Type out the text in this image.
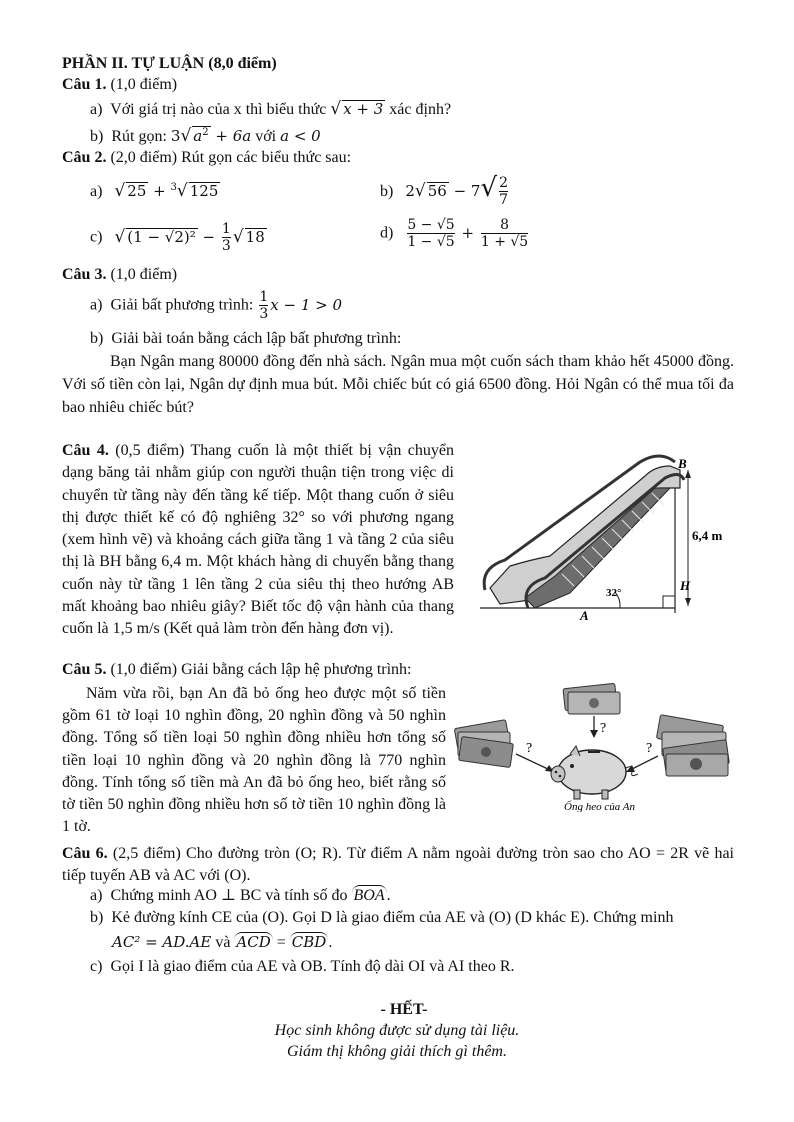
PHẦN II. TỰ LUẬN (8,0 điểm)
Câu 1. (1,0 điểm)
a) Với giá trị nào của x thì biểu thức √ x + 3 xác định?
b) Rút gọn: 3√ $a^2 + 6a$ với a < 0
Câu 2. (2,0 điểm) Rút gọn các biểu thức sau:
a) √ 25 + $^3$√ 125	b) 2√ $56 - 7√ \frac{2}{7}$
c) √ $(1 - √2)^2 - \frac{1}{3}$ √ 18	$d) \frac{5 - √5}{1 - √5} + \frac{8}{1 + √5}$
Câu 3. (1,0 điểm)
a) Giải bất phương trình: $\frac{1}{3}$ x − 1 > 0
b) Giải bài toán bằng cách lập bất phương trình:
Bạn Ngân mang 80000 đồng đến nhà sách. Ngân mua một cuốn sách tham khảo hết 45000 đồng. Với số tiền còn lại, Ngân dự định mua bút. Mỗi chiếc bút có giá 6500 đồng. Hỏi Ngân có thể mua tối đa bao nhiêu chiếc bút?
Câu 4. (0,5 điểm) Thang cuốn là một thiết bị vận chuyển dạng băng tải nhằm giúp con người thuận tiện trong việc di chuyển từ tầng này đến tầng kế tiếp. Một thang cuốn ở siêu thị được thiết kế có độ nghiêng 32° so với phương ngang (xem hình vẽ) và khoảng cách giữa tầng 1 và tầng 2 của siêu thị là BH bằng 6,4 m. Một khách hàng di chuyển bằng thang cuốn này từ tầng 1 lên tầng 2 của siêu thị theo hướng AB mất khoảng bao nhiêu giây? Biết tốc độ vận hành của thang cuốn là 1,5 m/s (Kết quả làm tròn đến hàng đơn vị).
B
H
A
6,4 m
32°
Câu 5. (1,0 điểm) Giải bằng cách lập hệ phương trình:
Năm vừa rồi, bạn An đã bỏ ống heo được một số tiền gồm 61 tờ loại 10 nghìn đồng, 20 nghìn đồng và 50 nghìn đồng. Tổng số tiền loại 50 nghìn đồng nhiều hơn tổng số tiền loại 10 nghìn đồng và 20 nghìn đồng là 770 nghìn đồng. Tính tổng số tiền mà An đã bỏ ống heo, biết rằng số tờ tiền 50 nghìn đồng nhiều hơn số tờ tiền 10 nghìn đồng là 1 tờ.
?
?	?
Ống heo của An
Câu 6. (2,5 điểm) Cho đường tròn (O; R). Từ điểm A nằm ngoài đường tròn sao cho AO = 2R vẽ hai tiếp tuyến AB và AC với (O).
a) Chứng minh AO ⊥ BC và tính số đo BOA .
b) Kẻ đường kính CE của (O). Gọi D là giao điểm của AE và (O) (D khác E). Chứng minh
AC² = AD.AE và ACD = CBD .
c) Gọi I là giao điểm của AE và OB. Tính độ dài OI và AI theo R.
- HẾT-
Học sinh không được sử dụng tài liệu.
Giám thị không giải thích gì thêm.
